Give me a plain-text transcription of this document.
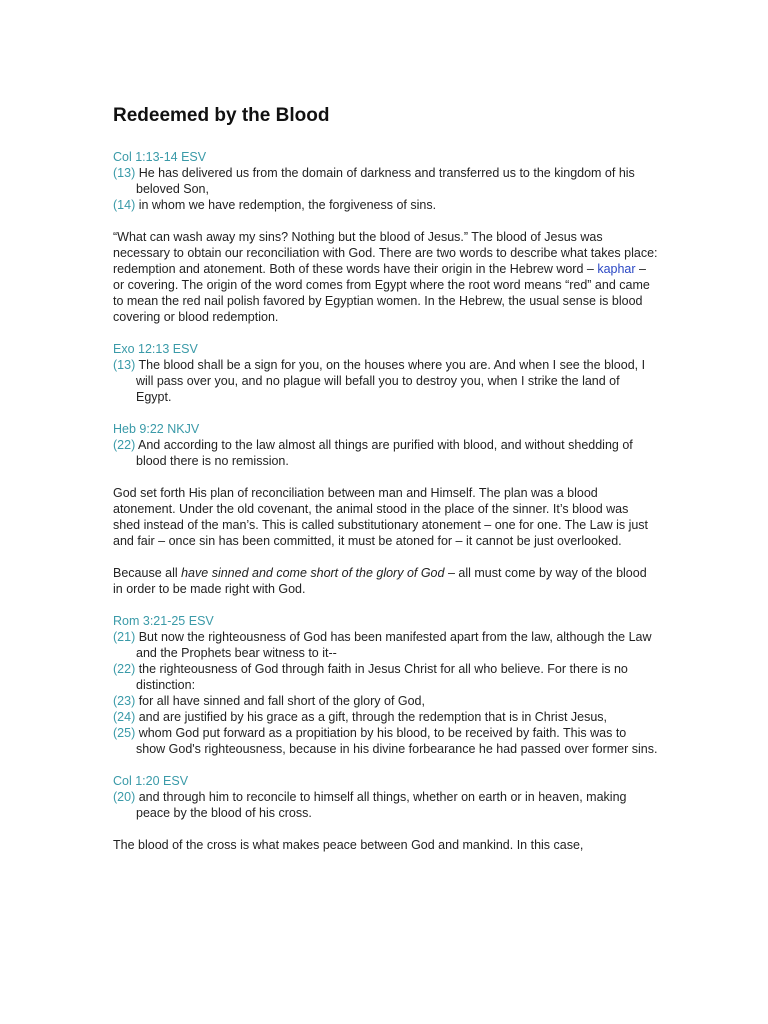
Redeemed by the Blood

Col 1:13-14 ESV

(13) He has delivered us from the domain of darkness and transferred us to the kingdom of his beloved Son,

(14) in whom we have redemption, the forgiveness of sins.

“What can wash away my sins? Nothing but the blood of Jesus.” The blood of Jesus was necessary to obtain our reconciliation with God. There are two words to describe what takes place: redemption and atonement. Both of these words have their origin in the Hebrew word – kaphar – or covering. The origin of the word comes from Egypt where the root word means “red” and came to mean the red nail polish favored by Egyptian women. In the Hebrew, the usual sense is blood covering or blood redemption.

Exo 12:13 ESV

(13) The blood shall be a sign for you, on the houses where you are. And when I see the blood, I will pass over you, and no plague will befall you to destroy you, when I strike the land of Egypt.

Heb 9:22 NKJV

(22) And according to the law almost all things are purified with blood, and without shedding of blood there is no remission.

God set forth His plan of reconciliation between man and Himself. The plan was a blood atonement. Under the old covenant, the animal stood in the place of the sinner. It’s blood was shed instead of the man’s. This is called substitutionary atonement – one for one. The Law is just and fair – once sin has been committed, it must be atoned for – it cannot be just overlooked.

Because all have sinned and come short of the glory of God – all must come by way of the blood in order to be made right with God.

Rom 3:21-25 ESV

(21) But now the righteousness of God has been manifested apart from the law, although the Law and the Prophets bear witness to it--

(22) the righteousness of God through faith in Jesus Christ for all who believe. For there is no distinction:

(23) for all have sinned and fall short of the glory of God,

(24) and are justified by his grace as a gift, through the redemption that is in Christ Jesus,

(25) whom God put forward as a propitiation by his blood, to be received by faith. This was to show God's righteousness, because in his divine forbearance he had passed over former sins.

Col 1:20 ESV

(20) and through him to reconcile to himself all things, whether on earth or in heaven, making peace by the blood of his cross.

The blood of the cross is what makes peace between God and mankind. In this case,
